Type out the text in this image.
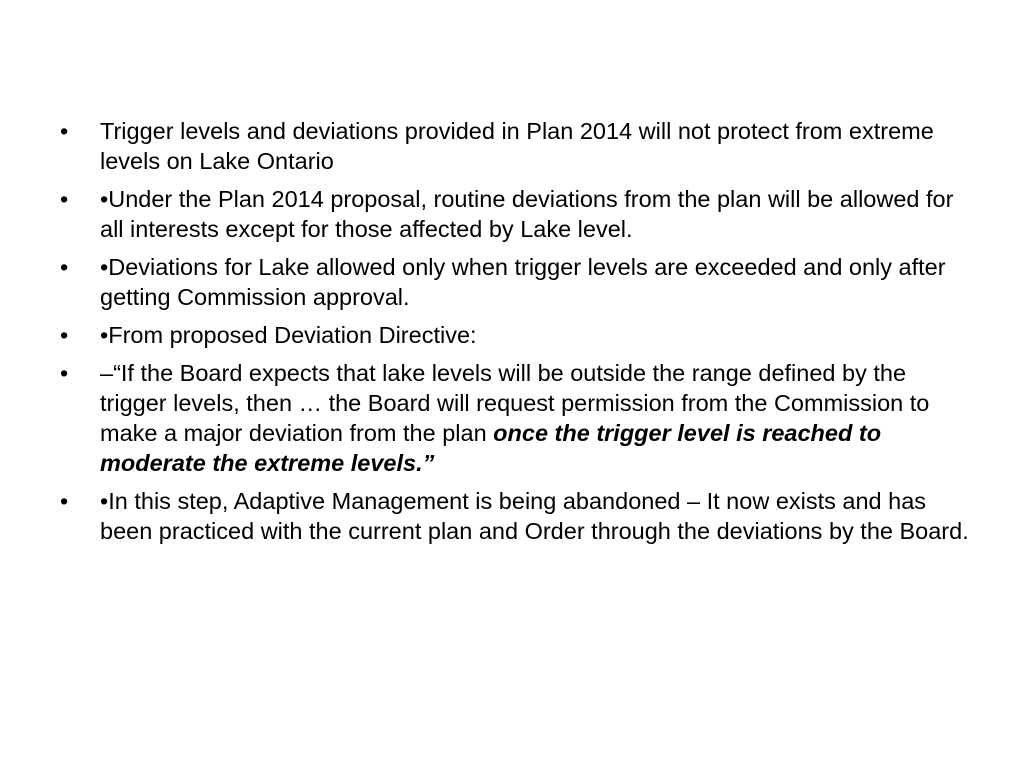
•	Trigger levels and deviations provided in Plan 2014 will not protect from extreme levels on Lake Ontario
•	•Under the Plan 2014 proposal, routine deviations from the plan will be allowed for all interests except for those affected by Lake level.
•	•Deviations for Lake allowed only when trigger levels are exceeded and only after getting Commission approval.
•	•From proposed Deviation Directive:
•	–“If the Board expects that lake levels will be outside the range defined by the trigger levels, then … the Board will request permission from the Commission to make a major deviation from the plan once the trigger level is reached to moderate the extreme levels.”
•	•In this step, Adaptive Management is being abandoned – It now exists and has been practiced with the current plan and Order through the deviations by the Board.
